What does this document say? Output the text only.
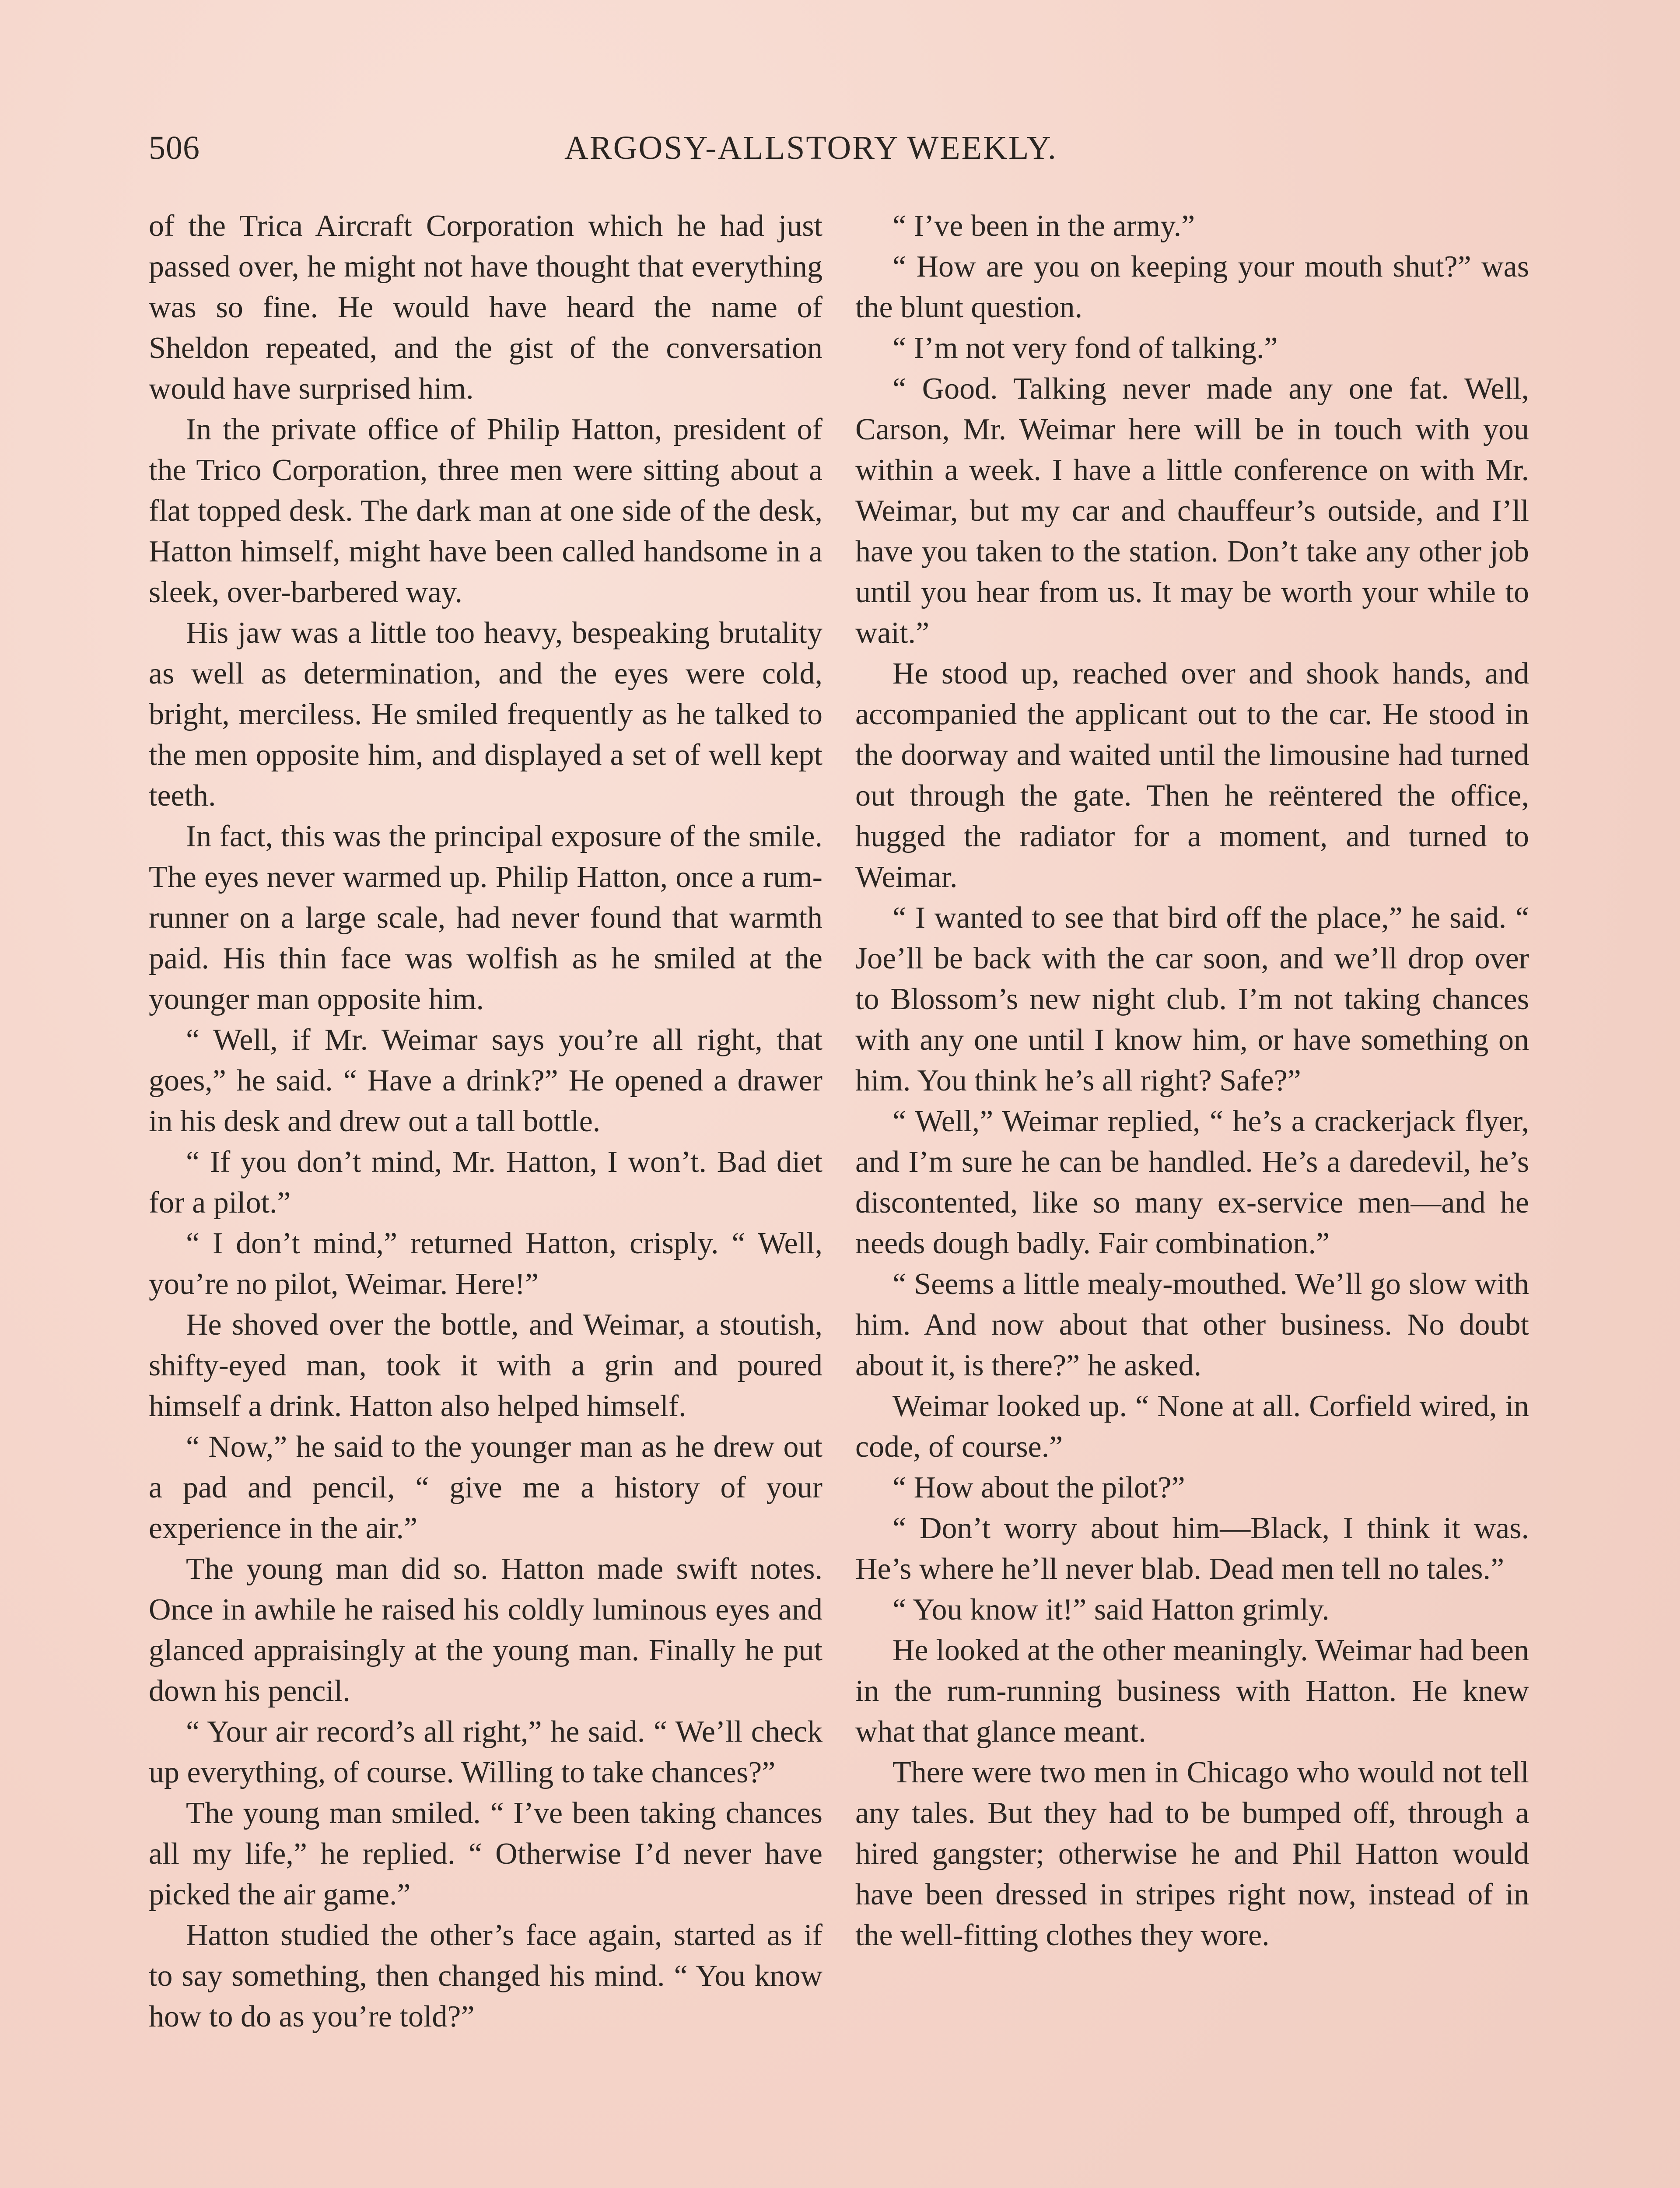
506	ARGOSY-ALLSTORY WEEKLY.

of the Trica Aircraft Corporation which he had just passed over, he might not have thought that everything was so fine. He would have heard the name of Sheldon repeated, and the gist of the conversation would have surprised him.

In the private office of Philip Hatton, president of the Trico Corporation, three men were sitting about a flat topped desk. The dark man at one side of the desk, Hatton himself, might have been called handsome in a sleek, over-barbered way.

His jaw was a little too heavy, bespeaking brutality as well as determination, and the eyes were cold, bright, merciless. He smiled frequently as he talked to the men opposite him, and displayed a set of well kept teeth.

In fact, this was the principal exposure of the smile. The eyes never warmed up. Philip Hatton, once a rum-runner on a large scale, had never found that warmth paid. His thin face was wolfish as he smiled at the younger man opposite him.

“ Well, if Mr. Weimar says you’re all right, that goes,” he said. “ Have a drink?” He opened a drawer in his desk and drew out a tall bottle.

“ If you don’t mind, Mr. Hatton, I won’t. Bad diet for a pilot.”

“ I don’t mind,” returned Hatton, crisply. “ Well, you’re no pilot, Weimar. Here!”

He shoved over the bottle, and Weimar, a stoutish, shifty-eyed man, took it with a grin and poured himself a drink. Hatton also helped himself.

“ Now,” he said to the younger man as he drew out a pad and pencil, “ give me a history of your experience in the air.”

The young man did so. Hatton made swift notes. Once in awhile he raised his coldly luminous eyes and glanced appraisingly at the young man. Finally he put down his pencil.

“ Your air record’s all right,” he said. “ We’ll check up everything, of course. Willing to take chances?”

The young man smiled. “ I’ve been taking chances all my life,” he replied. “ Otherwise I’d never have picked the air game.”

Hatton studied the other’s face again, started as if to say something, then changed his mind. “ You know how to do as you’re told?”

“ I’ve been in the army.”

“ How are you on keeping your mouth shut?” was the blunt question.

“ I’m not very fond of talking.”

“ Good. Talking never made any one fat. Well, Carson, Mr. Weimar here will be in touch with you within a week. I have a little conference on with Mr. Weimar, but my car and chauffeur’s outside, and I’ll have you taken to the station. Don’t take any other job until you hear from us. It may be worth your while to wait.”

He stood up, reached over and shook hands, and accompanied the applicant out to the car. He stood in the doorway and waited until the limousine had turned out through the gate. Then he reëntered the office, hugged the radiator for a moment, and turned to Weimar.

“ I wanted to see that bird off the place,” he said. “ Joe’ll be back with the car soon, and we’ll drop over to Blossom’s new night club. I’m not taking chances with any one until I know him, or have something on him. You think he’s all right? Safe?”

“ Well,” Weimar replied, “ he’s a crackerjack flyer, and I’m sure he can be handled. He’s a daredevil, he’s discontented, like so many ex-service men—and he needs dough badly. Fair combination.”

“ Seems a little mealy-mouthed. We’ll go slow with him. And now about that other business. No doubt about it, is there?” he asked.

Weimar looked up. “ None at all. Corfield wired, in code, of course.”

“ How about the pilot?”

“ Don’t worry about him—Black, I think it was. He’s where he’ll never blab. Dead men tell no tales.”

“ You know it!” said Hatton grimly.

He looked at the other meaningly. Weimar had been in the rum-running business with Hatton. He knew what that glance meant.

There were two men in Chicago who would not tell any tales. But they had to be bumped off, through a hired gangster; otherwise he and Phil Hatton would have been dressed in stripes right now, instead of in the well-fitting clothes they wore.
